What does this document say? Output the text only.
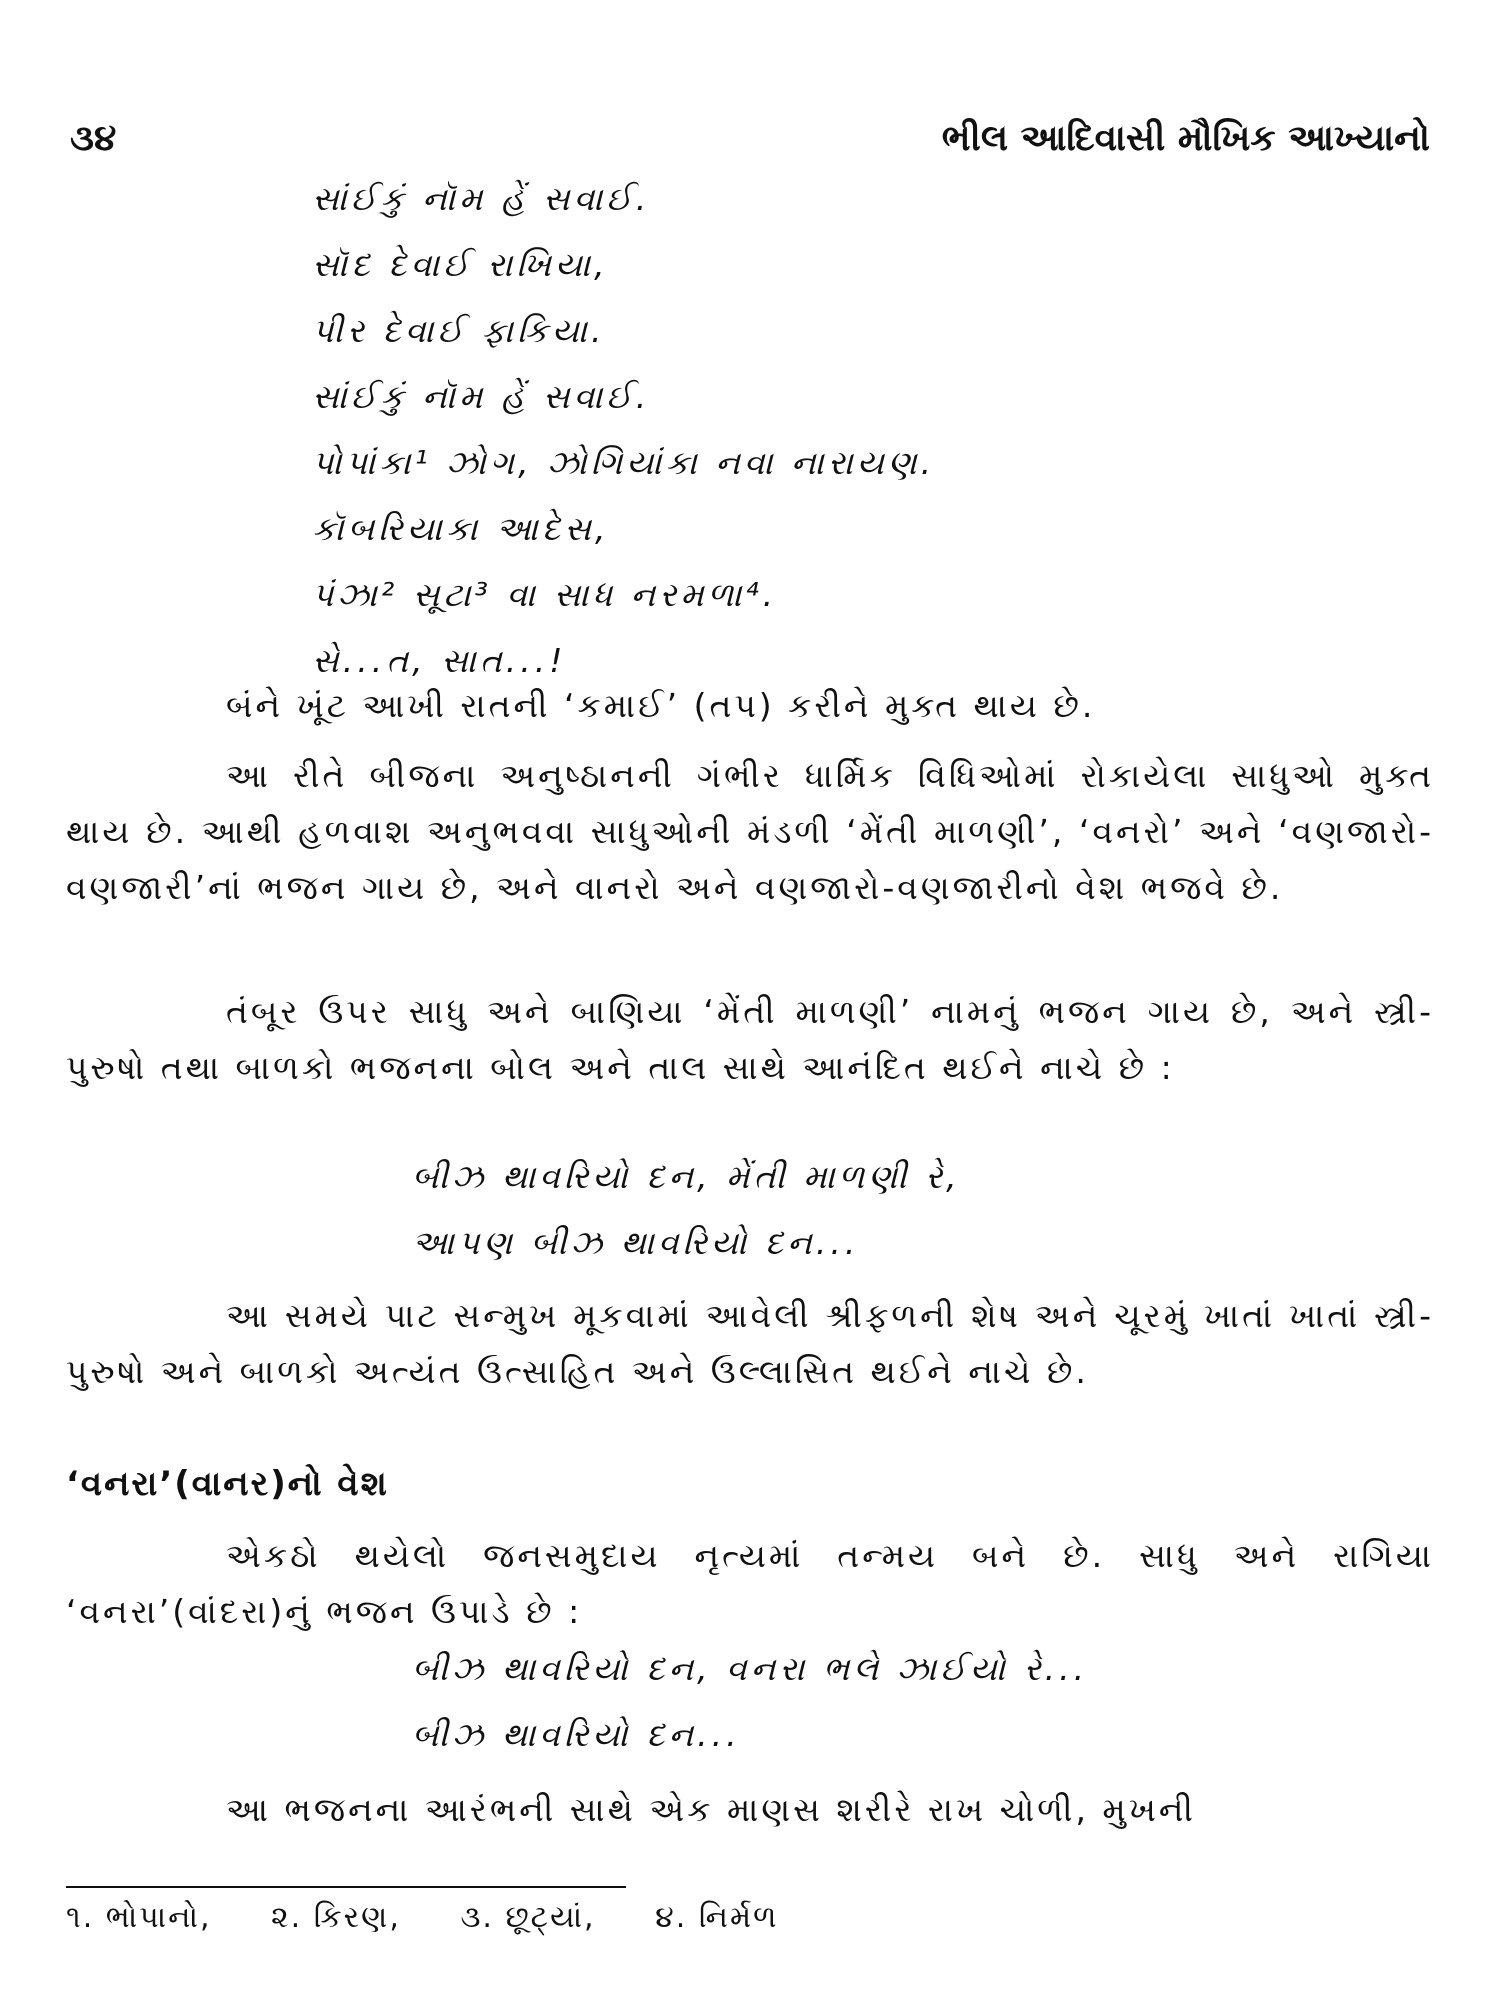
૩૪	ભીલ આદિવાસી મૌખિક આખ્યાનો
સાંઈકું નૉમ હેં સવાઈ.
સૉદ દેવાઈ રાખિયા,
પીર દેવાઈ ફાકિયા.
સાંઈકું નૉમ હેં સવાઈ.
પોપાંકા¹ ઝોગ, ઝોગિયાંકા નવા નારાયણ.
કૉબરિયાકા આદેસ,
પંઝા² સૂટા³ વા સાધ નરમળા⁴.
સે...ત, સાત...!

બંને ખૂંટ આખી રાતની ‘કમાઈ’ (તપ) કરીને મુક્ત થાય છે.

આ રીતે બીજના અનુષ્ઠાનની ગંભીર ધાર્મિક વિધિઓમાં રોકાયેલા સાધુઓ મુક્ત થાય છે. આથી હળવાશ અનુભવવા સાધુઓની મંડળી ‘મેંતી માળણી’, ‘વનરો’ અને ‘વણજારો-વણજારી’નાં ભજન ગાય છે, અને વાનરો અને વણજારો-વણજારીનો વેશ ભજવે છે.

તંબૂર ઉપર સાધુ અને બાણિયા ‘મેંતી માળણી’ નામનું ભજન ગાય છે, અને સ્ત્રી-પુરુષો તથા બાળકો ભજનના બોલ અને તાલ સાથે આનંદિત થઈને નાચે છે :

બીઝ થાવરિયો દન, મેંતી માળણી રે,
આપણ બીઝ થાવરિયો દન...

આ સમયે પાટ સન્મુખ મૂકવામાં આવેલી શ્રીફળની શેષ અને ચૂરમું ખાતાં ખાતાં સ્ત્રી-પુરુષો અને બાળકો અત્યંત ઉત્સાહિત અને ઉલ્લાસિત થઈને નાચે છે.

‘વનરા’(વાનર)નો વેશ

એકઠો થયેલો જનસમુદાય નૃત્યમાં તન્મય બને છે. સાધુ અને રાગિયા ‘વનરા’(વાંદરા)નું ભજન ઉપાડે છે :

બીઝ થાવરિયો દન, વનરા ભલે ઝાઈયો રે...
બીઝ થાવરિયો દન...

આ ભજનના આરંભની સાથે એક માણસ શરીરે રાખ ચોળી, મુખની

૧. ભોપાનો, ૨. કિરણ, ૩. છૂટ્યાં, ૪. નિર્મળ
